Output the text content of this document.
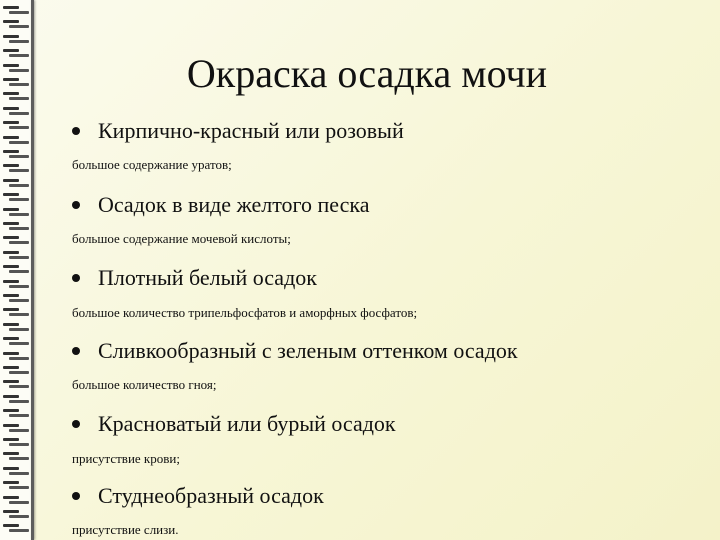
Окраска осадка мочи
Кирпично-красный или розовый
большое содержание уратов;
Осадок в виде желтого песка
большое содержание мочевой кислоты;
Плотный белый осадок
большое количество трипельфосфатов и аморфных фосфатов;
Сливкообразный с зеленым оттенком осадок
большое количество гноя;
Красноватый или бурый осадок
присутствие крови;
Студнеобразный осадок
присутствие слизи.
